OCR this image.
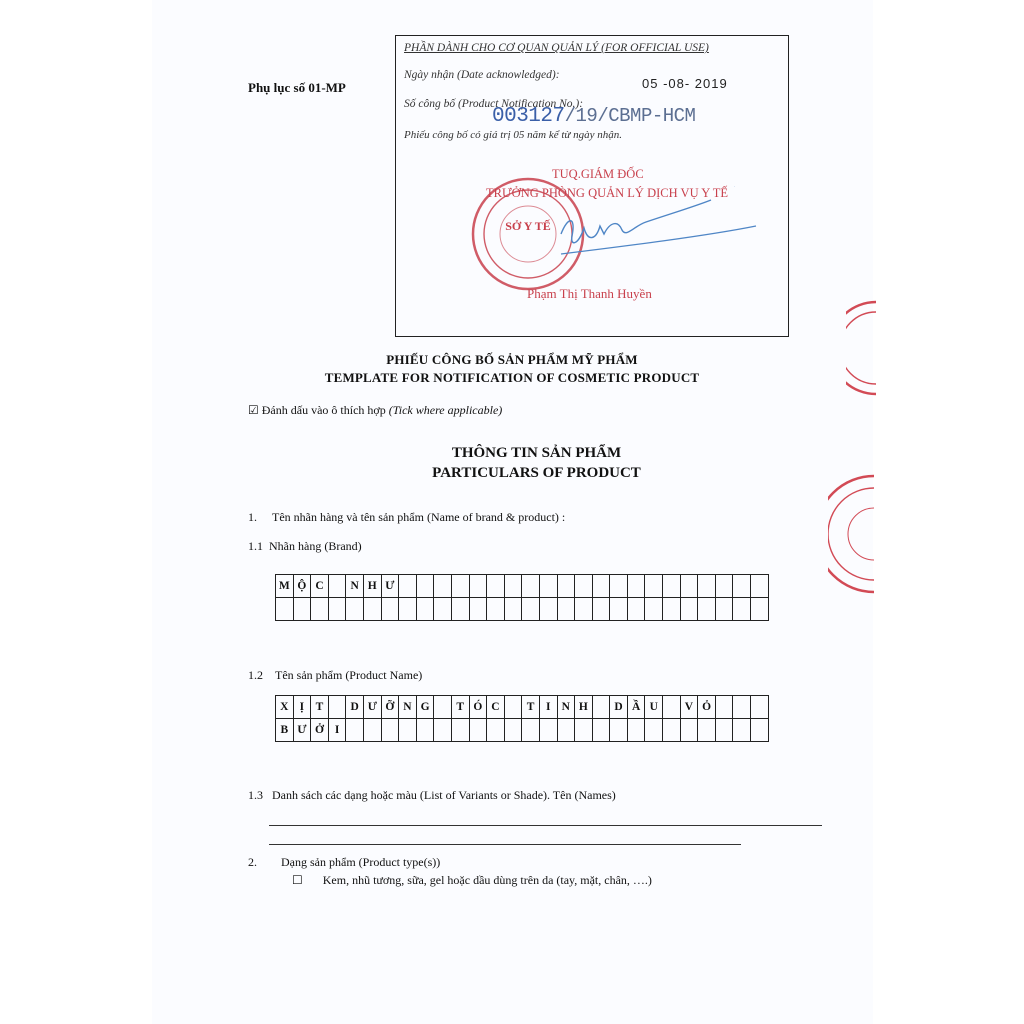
Phụ lục số 01-MP
PHẦN DÀNH CHO CƠ QUAN QUẢN LÝ (FOR OFFICIAL USE)
Ngày nhận (Date acknowledged):
05 -08- 2019
Số công bố (Product Notification No.):
003127/19/CBMP-HCM
Phiếu công bố có giá trị 05 năm kể từ ngày nhận.
SỞ Y TẾ
TUQ.GIÁM ĐỐC
TRƯỞNG PHÒNG QUẢN LÝ DỊCH VỤ Y TẾ
Phạm Thị Thanh Huyền
PHIẾU CÔNG BỐ SẢN PHẨM MỸ PHẨM
TEMPLATE FOR NOTIFICATION OF COSMETIC PRODUCT
☑ Đánh dấu vào ô thích hợp (Tick where applicable)
THÔNG TIN SẢN PHẨM
PARTICULARS OF PRODUCT
1. Tên nhãn hàng và tên sản phẩm (Name of brand & product) :
1.1 Nhãn hàng (Brand)
M	Ộ	C		N	H	Ư																					

1.2 Tên sản phẩm (Product Name)
X	Ị	T		D	Ư	Ỡ	N	G		T	Ó	C		T	I	N	H		D	Ầ	U		V	Ỏ			
B	Ư	Ở	I																								
1.3 Danh sách các dạng hoặc màu (List of Variants or Shade). Tên (Names)
2. Dạng sản phẩm (Product type(s))
☐ Kem, nhũ tương, sữa, gel hoặc dầu dùng trên da (tay, mặt, chân, ….)
